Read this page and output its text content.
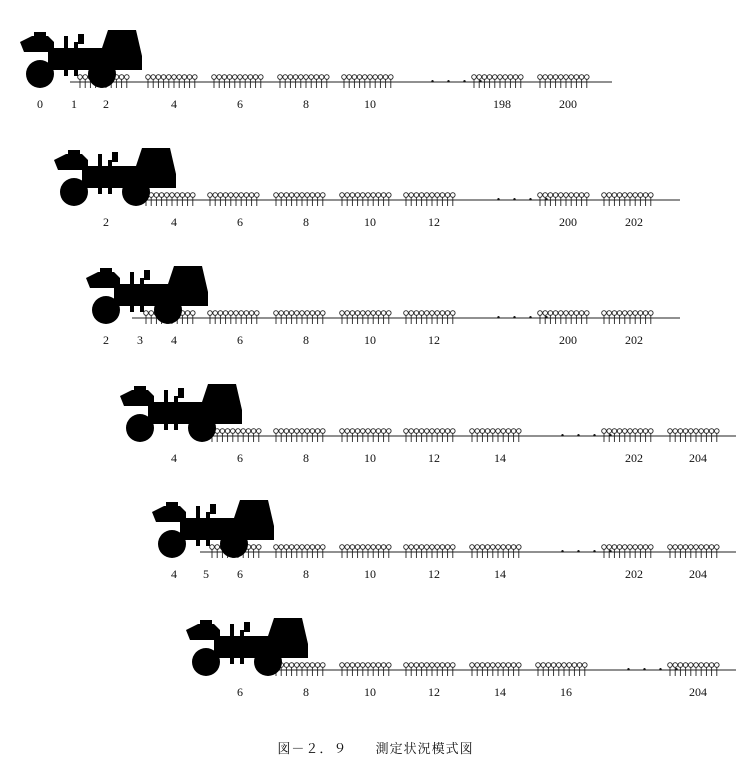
・・・・
0 1 2	4	6	8	10	198	200
・・・・
2	4	6	8	10	12	200	202
・・・・
2 3 4	6	8	10	12	200	202
・・・・
4	6	8	10	12	14	202	204
・・・・
4 5 6	8	10	12	14	202	204
・・・・
6	8	10	12	14	16	204
図－２．９ 測定状況模式図
